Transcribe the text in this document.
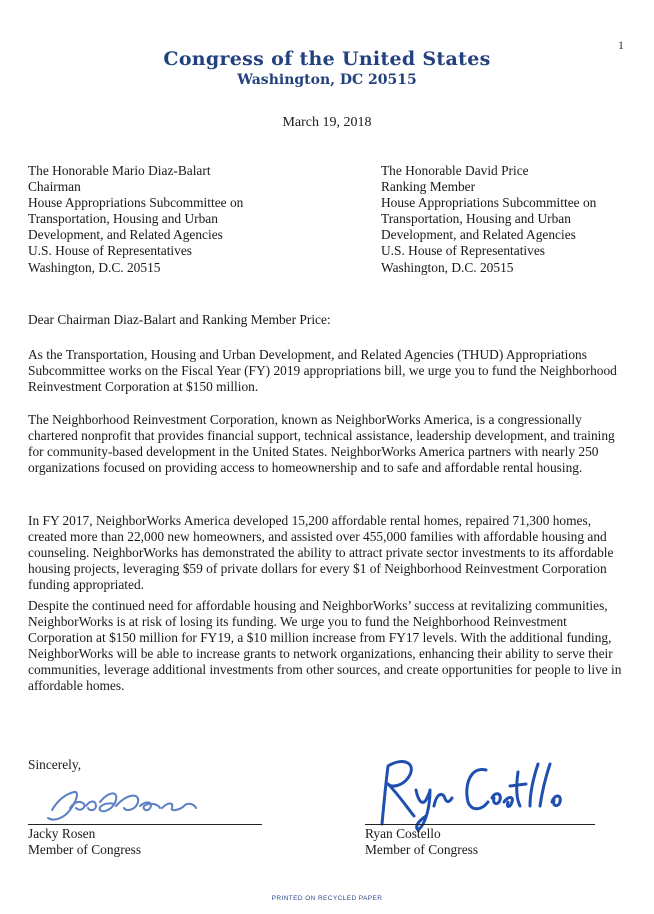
1
Congress of the United States
Washington, DC 20515
March 19, 2018
The Honorable Mario Diaz-Balart
Chairman
House Appropriations Subcommittee on
Transportation, Housing and Urban
Development, and Related Agencies
U.S. House of Representatives
Washington, D.C. 20515
The Honorable David Price
Ranking Member
House Appropriations Subcommittee on
Transportation, Housing and Urban
Development, and Related Agencies
U.S. House of Representatives
Washington, D.C. 20515
Dear Chairman Diaz-Balart and Ranking Member Price:
As the Transportation, Housing and Urban Development, and Related Agencies (THUD) Appropriations Subcommittee works on the Fiscal Year (FY) 2019 appropriations bill, we urge you to fund the Neighborhood Reinvestment Corporation at $150 million.
The Neighborhood Reinvestment Corporation, known as NeighborWorks America, is a congressionally chartered nonprofit that provides financial support, technical assistance, leadership development, and training for community-based development in the United States. NeighborWorks America partners with nearly 250 organizations focused on providing access to homeownership and to safe and affordable rental housing.
In FY 2017, NeighborWorks America developed 15,200 affordable rental homes, repaired 71,300 homes, created more than 22,000 new homeowners, and assisted over 455,000 families with affordable housing and counseling. NeighborWorks has demonstrated the ability to attract private sector investments to its affordable housing projects, leveraging $59 of private dollars for every $1 of Neighborhood Reinvestment Corporation funding appropriated.
Despite the continued need for affordable housing and NeighborWorks’ success at revitalizing communities, NeighborWorks is at risk of losing its funding. We urge you to fund the Neighborhood Reinvestment Corporation at $150 million for FY19, a $10 million increase from FY17 levels. With the additional funding, NeighborWorks will be able to increase grants to network organizations, enhancing their ability to serve their communities, leverage additional investments from other sources, and create opportunities for people to live in affordable homes.
Sincerely,
Jacky Rosen
Member of Congress
Ryan Costello
Member of Congress
PRINTED ON RECYCLED PAPER
